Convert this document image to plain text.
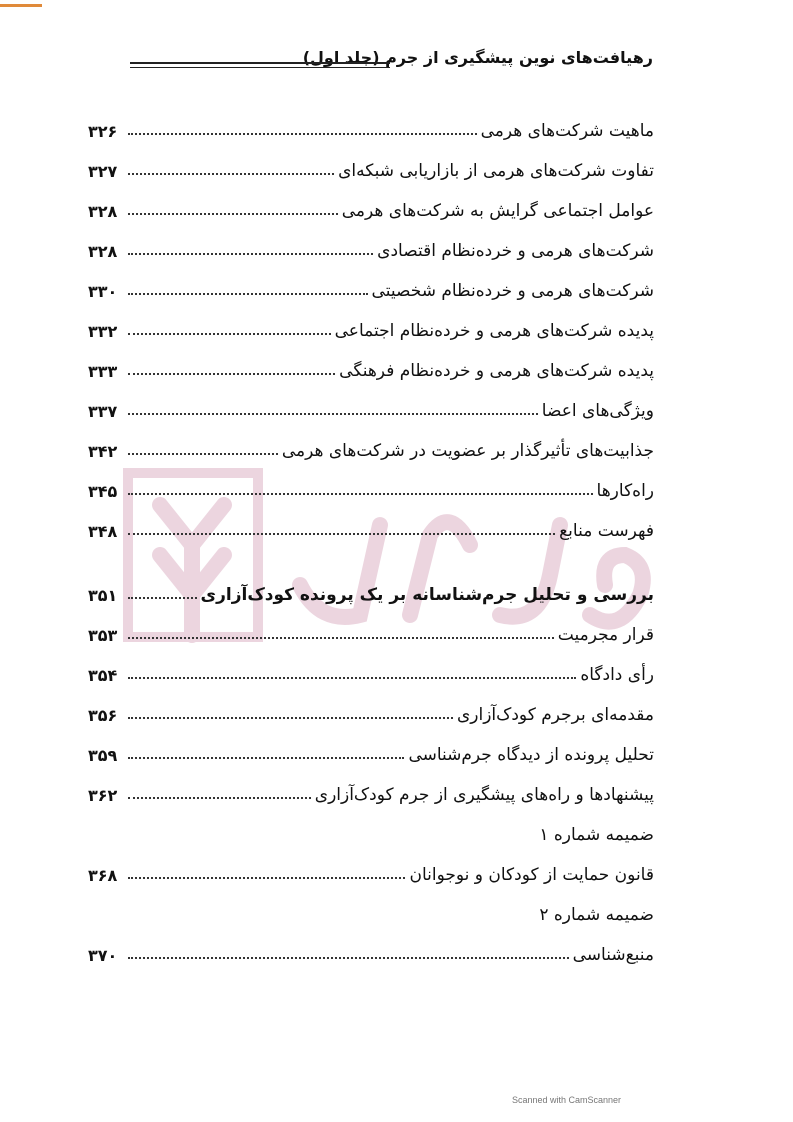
رهیافت‌های نوین پیشگیری از جرم (جلد اول)
ماهیت شرکت‌های هرمی
۳۲۶
تفاوت شرکت‌های هرمی از بازاریابی شبکه‌ای
۳۲۷
عوامل اجتماعی گرایش به شرکت‌های هرمی
۳۲۸
شرکت‌های هرمی و خرده‌نظام اقتصادی
۳۲۸
شرکت‌های هرمی و خرده‌نظام شخصیتی
۳۳۰
پدیده شرکت‌های هرمی و خرده‌نظام اجتماعی
۳۳۲
پدیده شرکت‌های هرمی و خرده‌نظام فرهنگی
۳۳۳
ویژگی‌های اعضا
۳۳۷
جذابیت‌های تأثیرگذار بر عضویت در شرکت‌های هرمی
۳۴۲
راه‌کارها
۳۴۵
فهرست منابع
۳۴۸
بررسی و تحلیل جرم‌شناسانه بر یک پرونده کودک‌آزاری
۳۵۱
قرار مجرمیت
۳۵۳
رأی دادگاه
۳۵۴
مقدمه‌ای برجرم کودک‌آزاری
۳۵۶
تحلیل پرونده از دیدگاه جرم‌شناسی
۳۵۹
پیشنهادها و راه‌های پیشگیری از جرم کودک‌آزاری
۳۶۲
ضمیمه شماره ۱
قانون حمایت از کودکان و نوجوانان
۳۶۸
ضمیمه شماره ۲
منبع‌شناسی
۳۷۰
Scanned with CamScanner
